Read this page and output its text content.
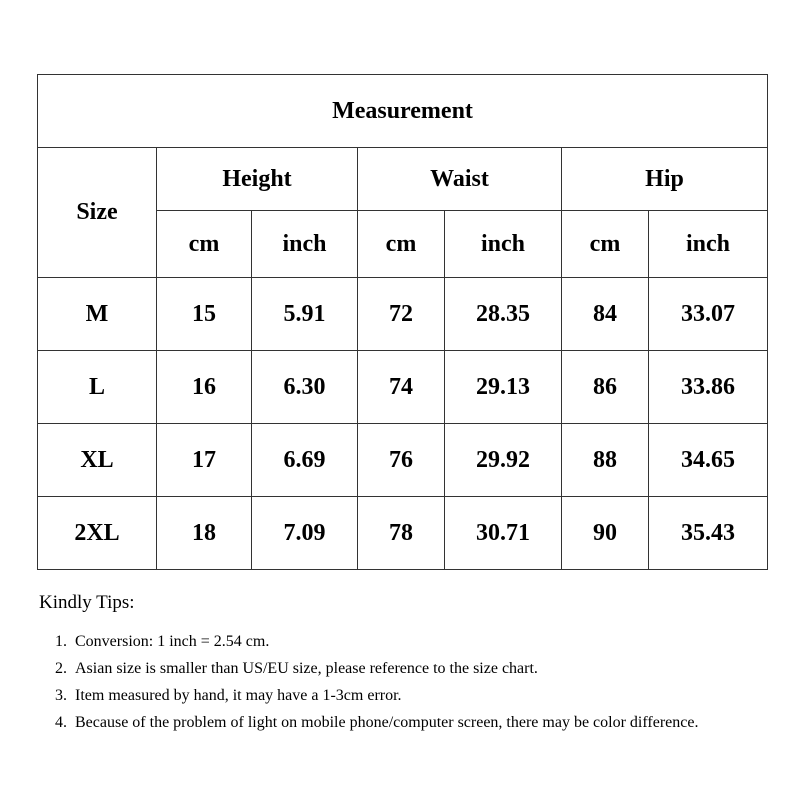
Measurement						
Size	Height		Waist		Hip	
	cm	inch	cm	inch	cm	inch
M	15	5.91	72	28.35	84	33.07
L	16	6.30	74	29.13	86	33.86
XL	17	6.69	76	29.92	88	34.65
2XL	18	7.09	78	30.71	90	35.43

Kindly Tips:

1. Conversion: 1 inch = 2.54 cm.
2. Asian size is smaller than US/EU size, please reference to the size chart.
3. Item measured by hand, it may have a 1-3cm error.
4. Because of the problem of light on mobile phone/computer screen, there may be color difference.
